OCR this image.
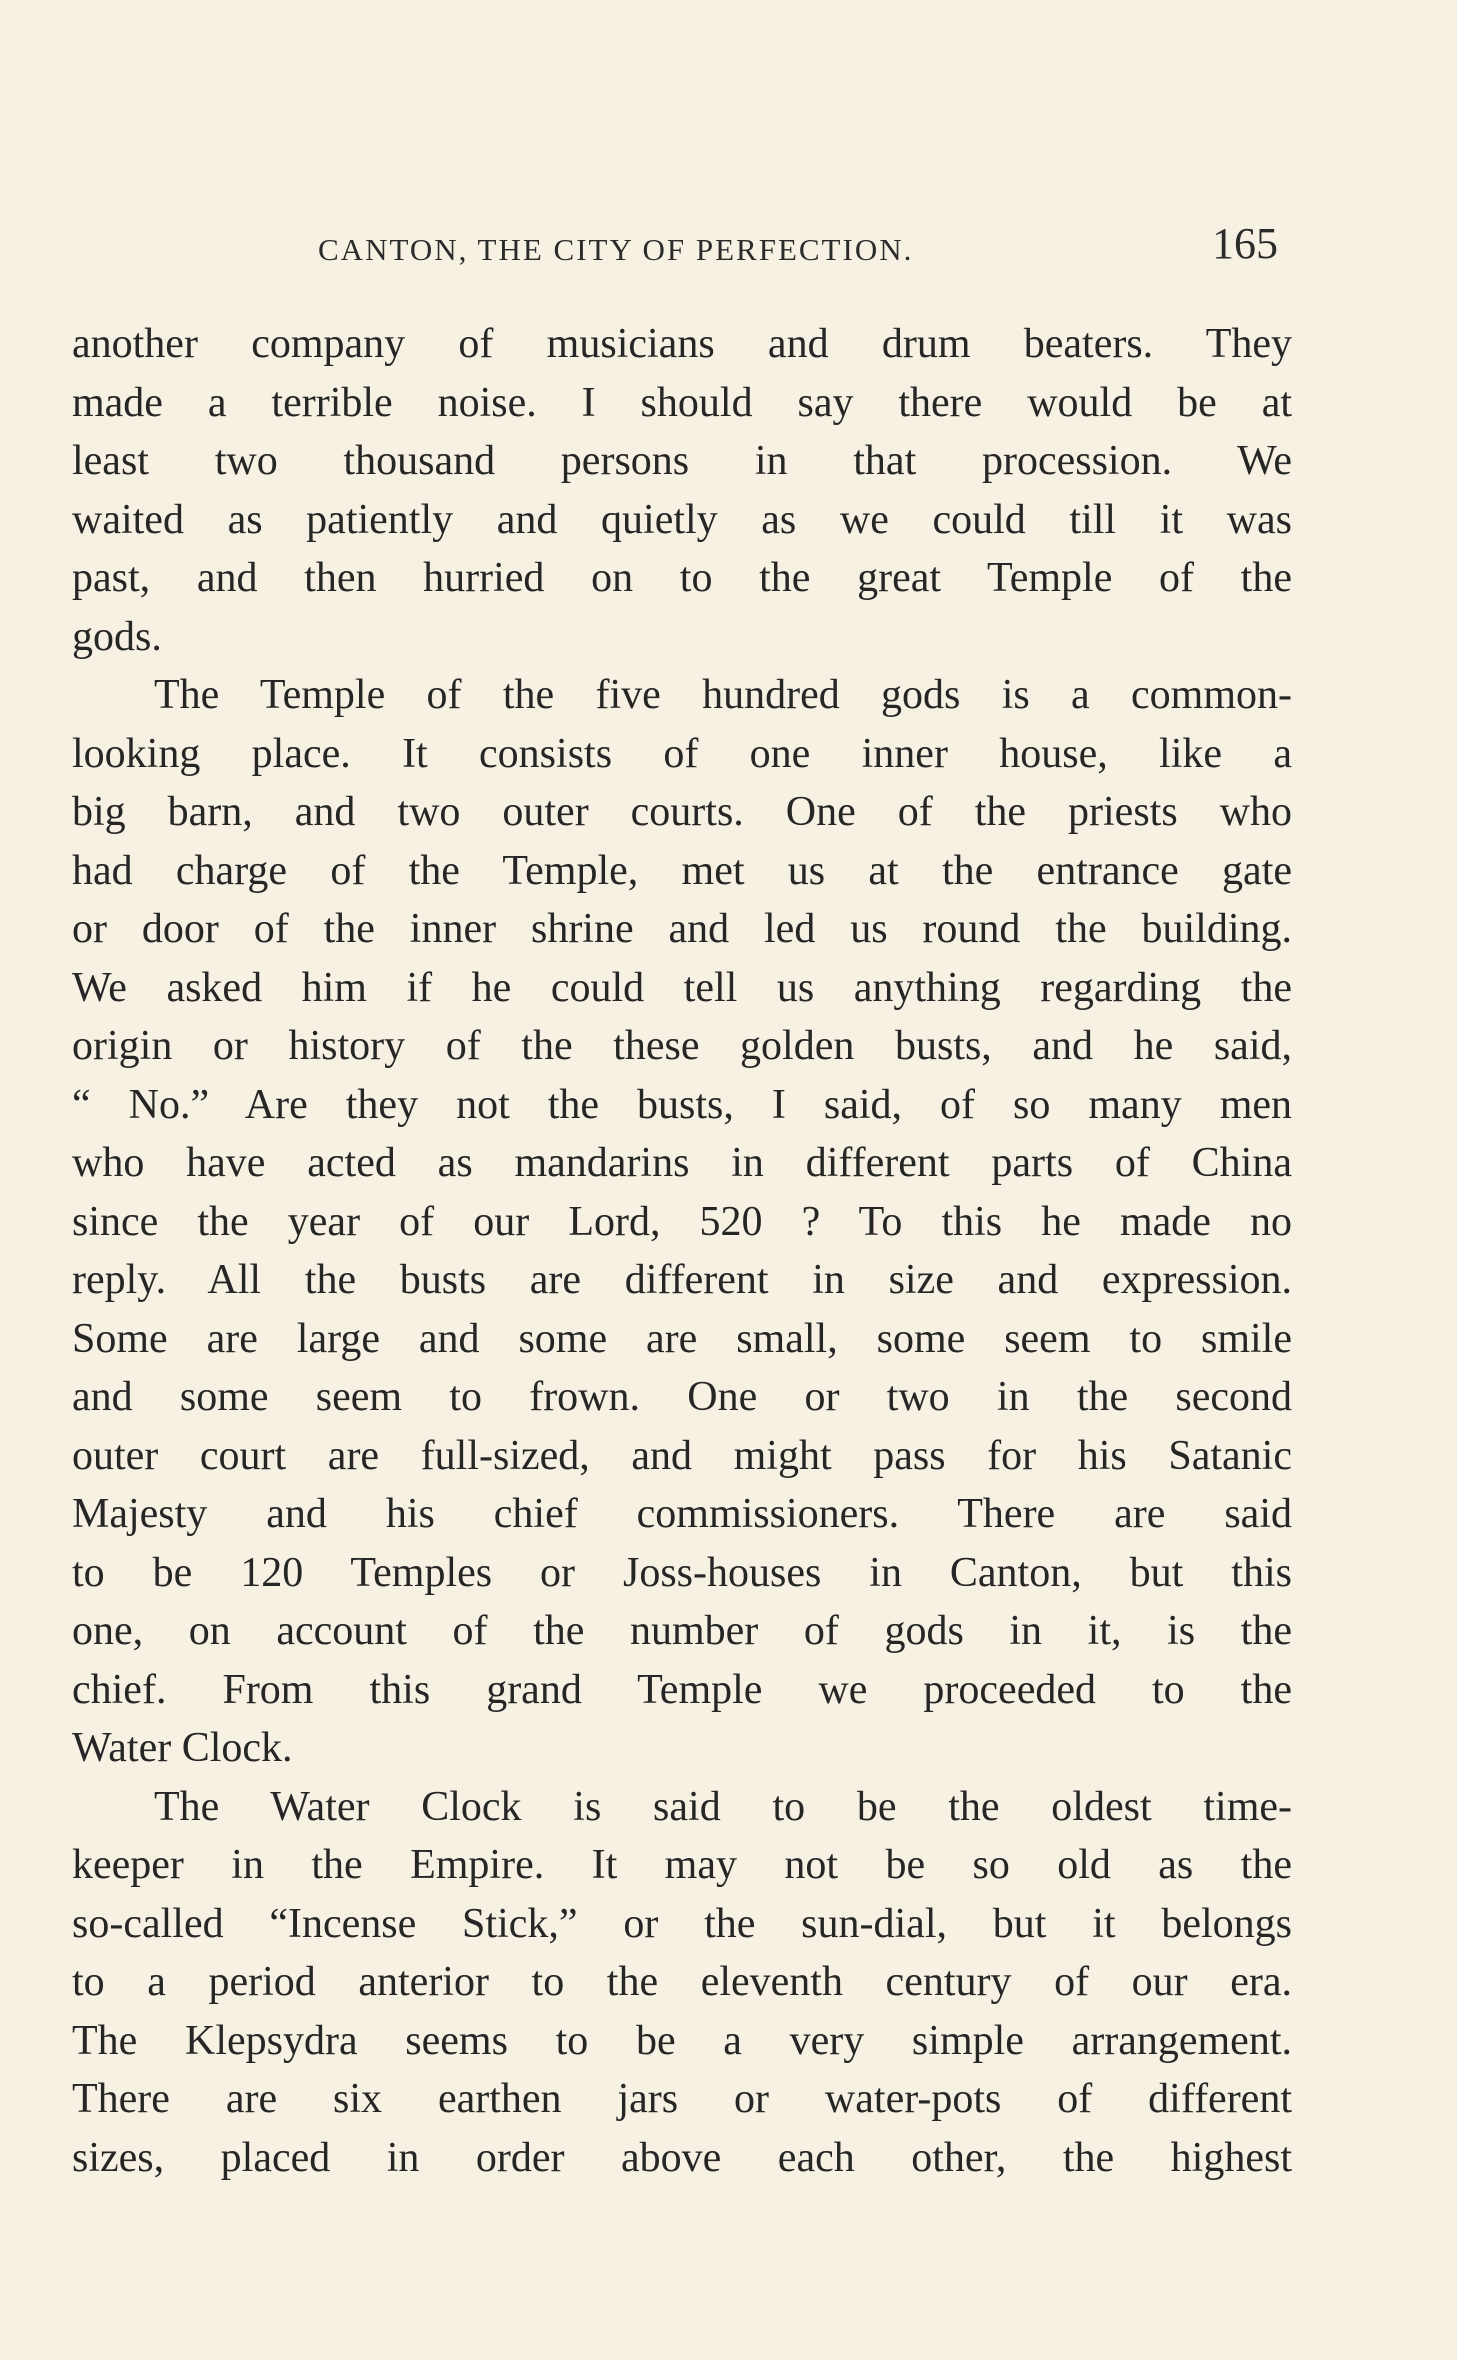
CANTON, THE CITY OF PERFECTION.	165
another company of musicians and drum beaters. They
made a terrible noise. I should say there would be at
least two thousand persons in that procession. We
waited as patiently and quietly as we could till it was
past, and then hurried on to the great Temple of the
gods.
The Temple of the five hundred gods is a common-
looking place. It consists of one inner house, like a
big barn, and two outer courts. One of the priests who
had charge of the Temple, met us at the entrance gate
or door of the inner shrine and led us round the building.
We asked him if he could tell us anything regarding the
origin or history of the these golden busts, and he said,
“ No.” Are they not the busts, I said, of so many men
who have acted as mandarins in different parts of China
since the year of our Lord, 520 ? To this he made no
reply. All the busts are different in size and expression.
Some are large and some are small, some seem to smile
and some seem to frown. One or two in the second
outer court are full-sized, and might pass for his Satanic
Majesty and his chief commissioners. There are said
to be 120 Temples or Joss-houses in Canton, but this
one, on account of the number of gods in it, is the
chief. From this grand Temple we proceeded to the
Water Clock.
The Water Clock is said to be the oldest time-
keeper in the Empire. It may not be so old as the
so-called “Incense Stick,” or the sun-dial, but it belongs
to a period anterior to the eleventh century of our era.
The Klepsydra seems to be a very simple arrangement.
There are six earthen jars or water-pots of different
sizes, placed in order above each other, the highest
